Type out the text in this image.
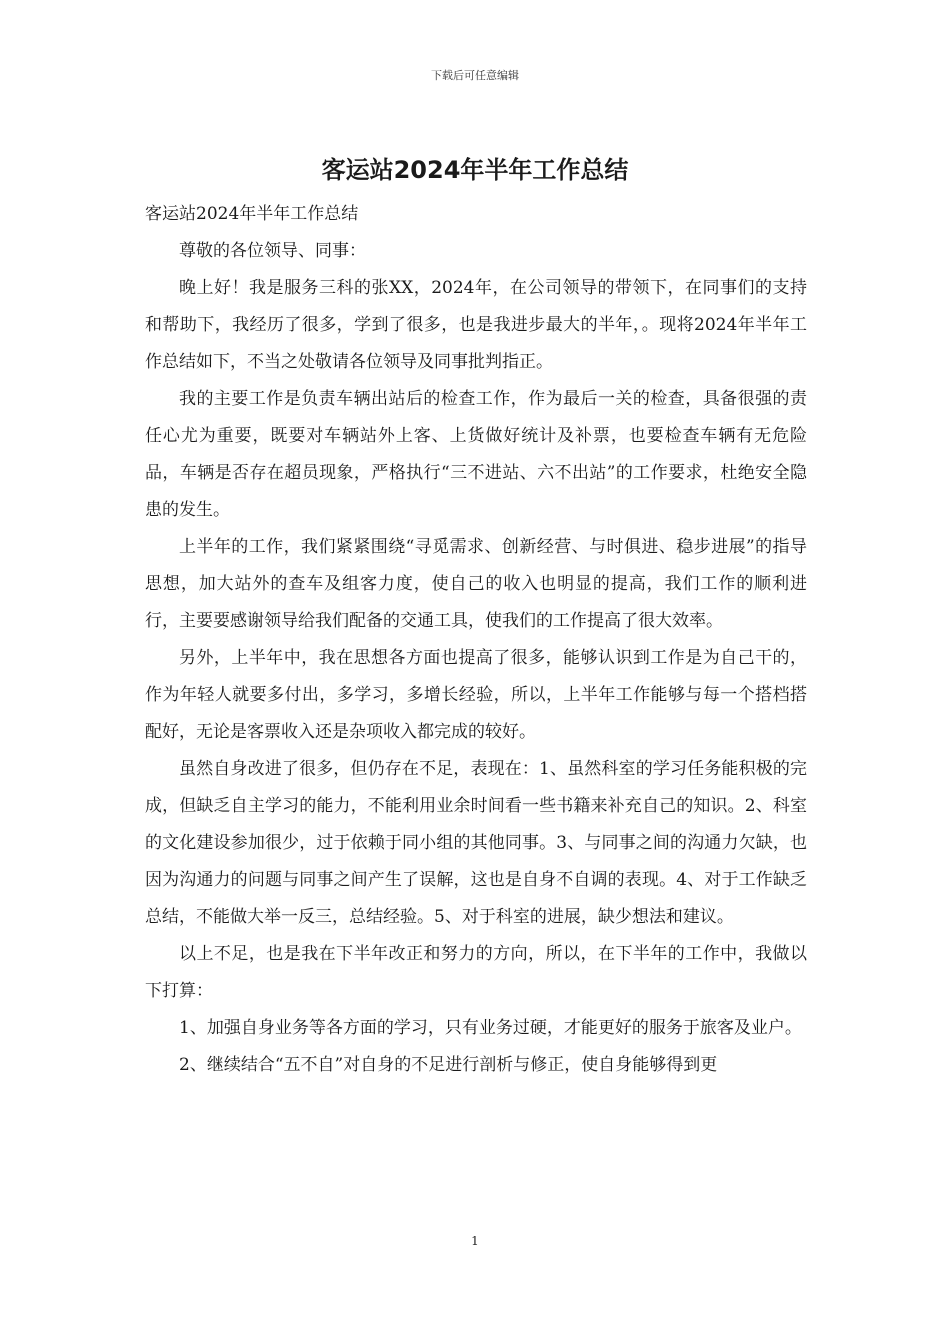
下载后可任意编辑
客运站2024年半年工作总结

客运站2024年半年工作总结

尊敬的各位领导、同事：

晚上好！我是服务三科的张XX，2024年，在公司领导的带领下，在同事们的支持和帮助下，我经历了很多，学到了很多，也是我进步最大的半年，。现将2024年半年工作总结如下，不当之处敬请各位领导及同事批判指正。

我的主要工作是负责车辆出站后的检查工作，作为最后一关的检查，具备很强的责任心尤为重要，既要对车辆站外上客、上货做好统计及补票，也要检查车辆有无危险品，车辆是否存在超员现象，严格执行“三不进站、六不出站”的工作要求，杜绝安全隐患的发生。

上半年的工作，我们紧紧围绕“寻觅需求、创新经营、与时俱进、稳步进展”的指导思想，加大站外的查车及组客力度，使自己的收入也明显的提高，我们工作的顺利进行，主要要感谢领导给我们配备的交通工具，使我们的工作提高了很大效率。

另外，上半年中，我在思想各方面也提高了很多，能够认识到工作是为自己干的，作为年轻人就要多付出，多学习，多增长经验，所以，上半年工作能够与每一个搭档搭配好，无论是客票收入还是杂项收入都完成的较好。

虽然自身改进了很多，但仍存在不足，表现在：1、虽然科室的学习任务能积极的完成，但缺乏自主学习的能力，不能利用业余时间看一些书籍来补充自己的知识。2、科室的文化建设参加很少，过于依赖于同小组的其他同事。3、与同事之间的沟通力欠缺，也因为沟通力的问题与同事之间产生了误解，这也是自身不自调的表现。4、对于工作缺乏总结，不能做大举一反三，总结经验。5、对于科室的进展，缺少想法和建议。

以上不足，也是我在下半年改正和努力的方向，所以，在下半年的工作中，我做以下打算：

1、加强自身业务等各方面的学习，只有业务过硬，才能更好的服务于旅客及业户。

2、继续结合“五不自”对自身的不足进行剖析与修正，使自身能够得到更

1
